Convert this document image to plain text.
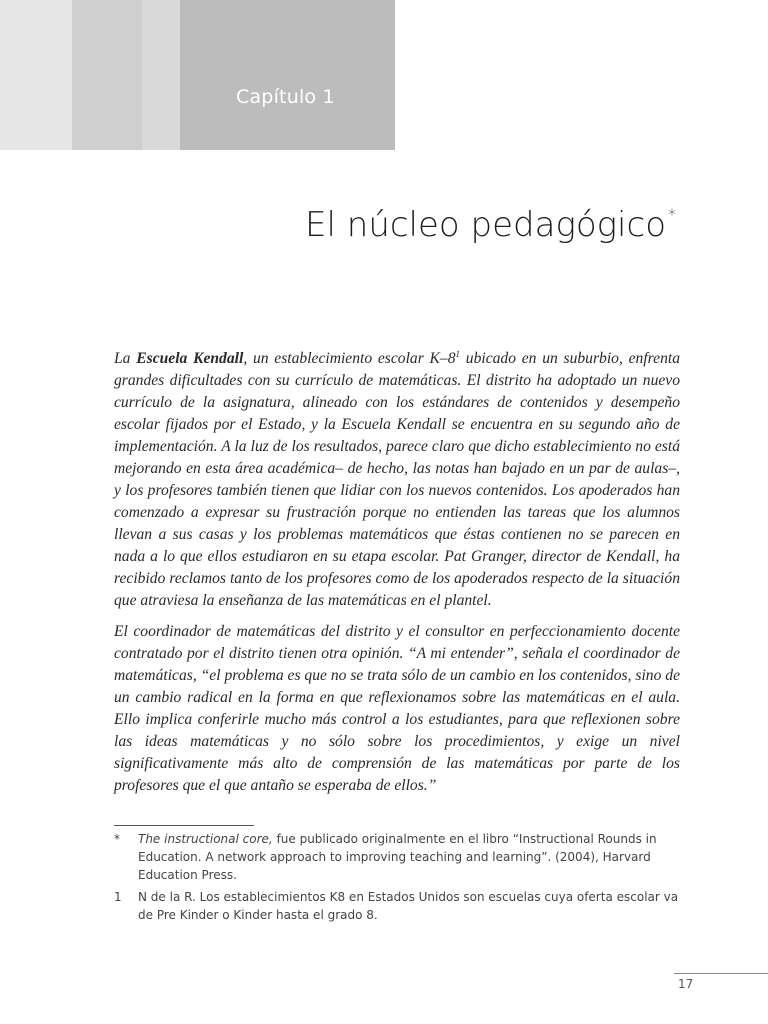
Capítulo 1
El núcleo pedagógico *

La Escuela Kendall, un establecimiento escolar $K-8^1$ ubicado en un suburbio, enfrenta grandes dificultades con su currículo de matemáticas. El distrito ha adoptado un nuevo currículo de la asignatura, alineado con los estándares de contenidos y desempeño escolar fijados por el Estado, y la Escuela Kendall se encuentra en su segundo año de implementación. A la luz de los resultados, parece claro que dicho establecimiento no está mejorando en esta área académica– de hecho, las notas han bajado en un par de aulas–, y los profesores también tienen que lidiar con los nuevos contenidos. Los apoderados han comenzado a expresar su frustración porque no entienden las tareas que los alumnos llevan a sus casas y los problemas matemáticos que éstas contienen no se parecen en nada a lo que ellos estudiaron en su etapa escolar. Pat Granger, director de Kendall, ha recibido reclamos tanto de los profesores como de los apoderados respecto de la situación que atraviesa la enseñanza de las matemáticas en el plantel.

El coordinador de matemáticas del distrito y el consultor en perfeccionamiento docente contratado por el distrito tienen otra opinión. “A mi entender”, señala el coordinador de matemáticas, “el problema es que no se trata sólo de un cambio en los contenidos, sino de un cambio radical en la forma en que reflexionamos sobre las matemáticas en el aula. Ello implica conferirle mucho más control a los estudiantes, para que reflexionen sobre las ideas matemáticas y no sólo sobre los procedimientos, y exige un nivel significativamente más alto de comprensión de las matemáticas por parte de los profesores que el que antaño se esperaba de ellos.”

*	The instructional core, fue publicado originalmente en el libro “Instructional Rounds in Education. A network approach to improving teaching and learning”. (2004), Harvard Education Press.
1	N de la R. Los establecimientos K8 en Estados Unidos son escuelas cuya oferta escolar va de Pre Kinder o Kinder hasta el grado 8.
17
